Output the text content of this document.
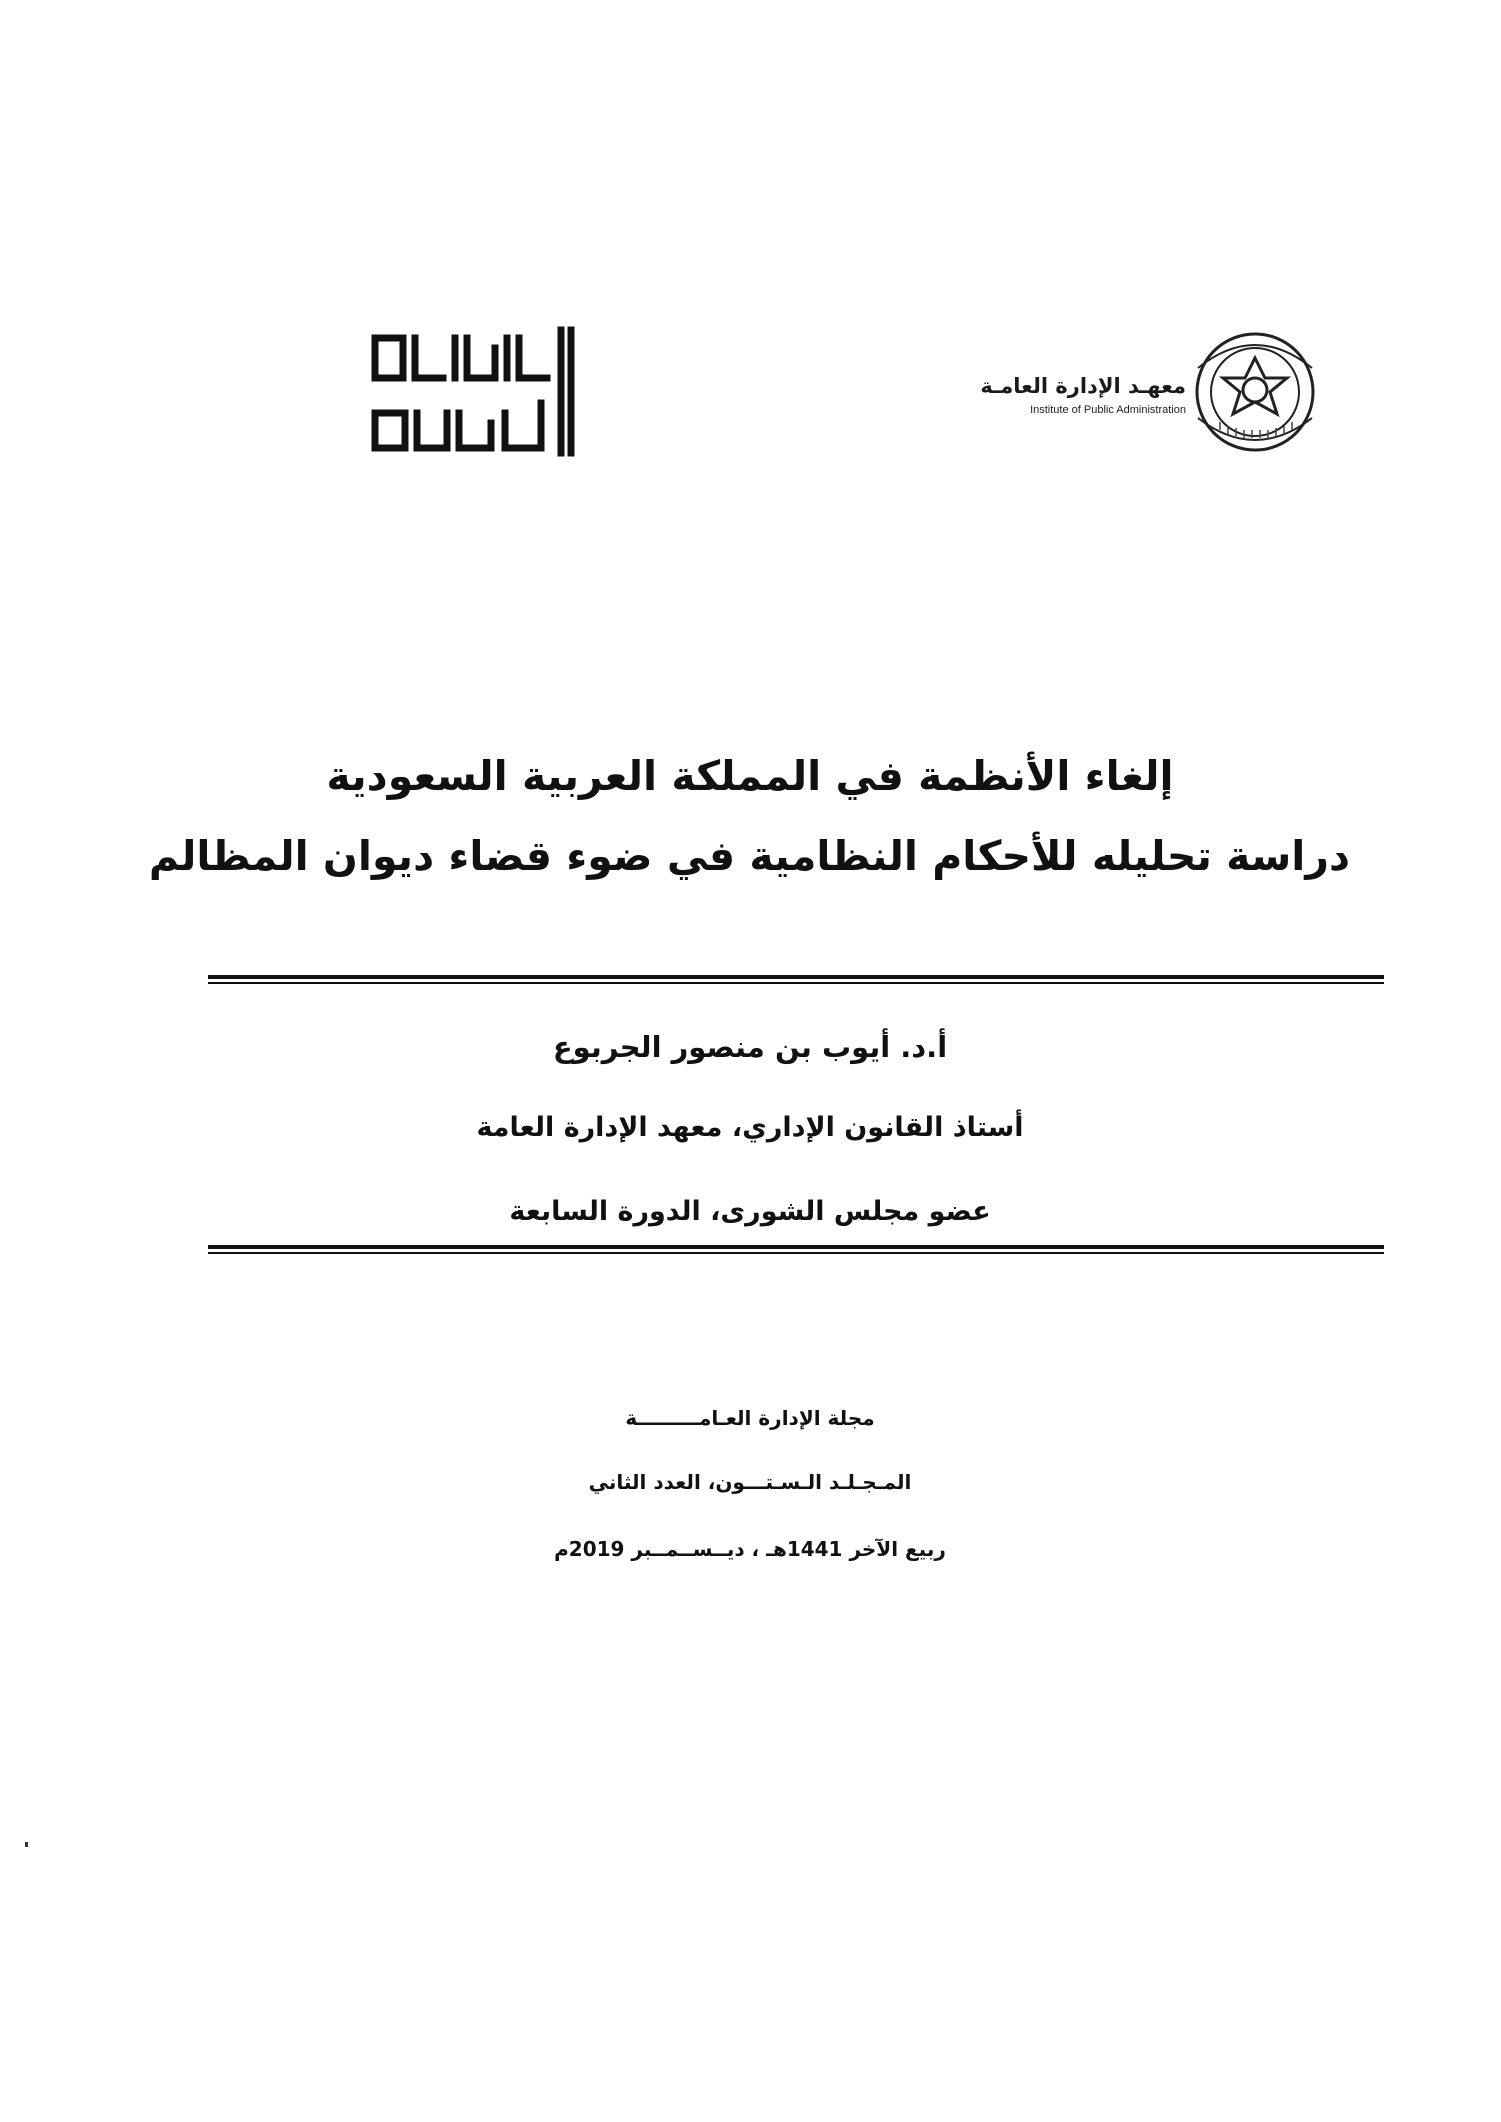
معهـد الإدارة العامـة
Institute of Public Administration
إلغاء الأنظمة في المملكة العربية السعودية
دراسة تحليله للأحكام النظامية في ضوء قضاء ديوان المظالم
أ.د. أيوب بن منصور الجربوع
أستاذ القانون الإداري، معهد الإدارة العامة
عضو مجلس الشورى، الدورة السابعة
مجلة الإدارة العـامـــــــــة
المـجـلـد الـسـتـــون، العدد الثاني
ربيع الآخر 1441هـ ، ديــســمــبر 2019م
